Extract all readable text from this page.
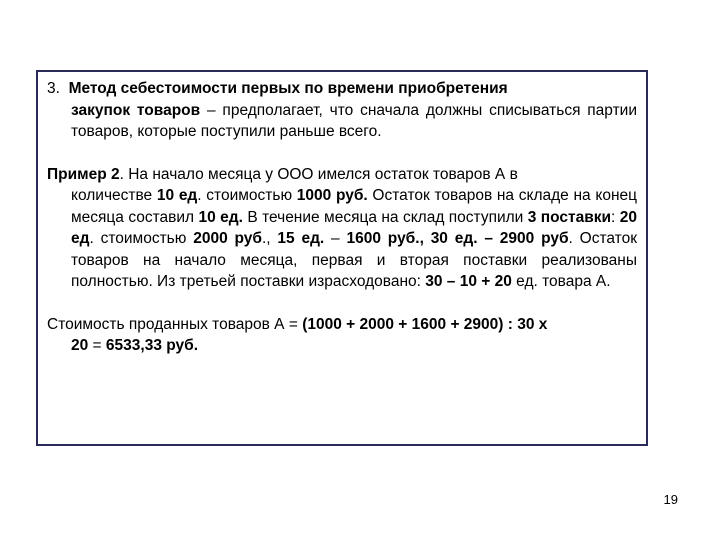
3. Метод себестоимости первых по времени приобретения
закупок товаров – предполагает, что сначала должны списываться партии товаров, которые поступили раньше всего.
Пример 2. На начало месяца у ООО имелся остаток товаров А в
количестве 10 ед. стоимостью 1000 руб. Остаток товаров на складе на конец месяца составил 10 ед. В течение месяца на склад поступили 3 поставки: 20 ед. стоимостью 2000 руб., 15 ед. – 1600 руб., 30 ед. – 2900 руб. Остаток товаров на начало месяца, первая и вторая поставки реализованы полностью. Из третьей поставки израсходовано: 30 – 10 + 20 ед. товара А.
Стоимость проданных товаров А = (1000 + 2000 + 1600 + 2900) : 30 х
20 = 6533,33 руб.
19
